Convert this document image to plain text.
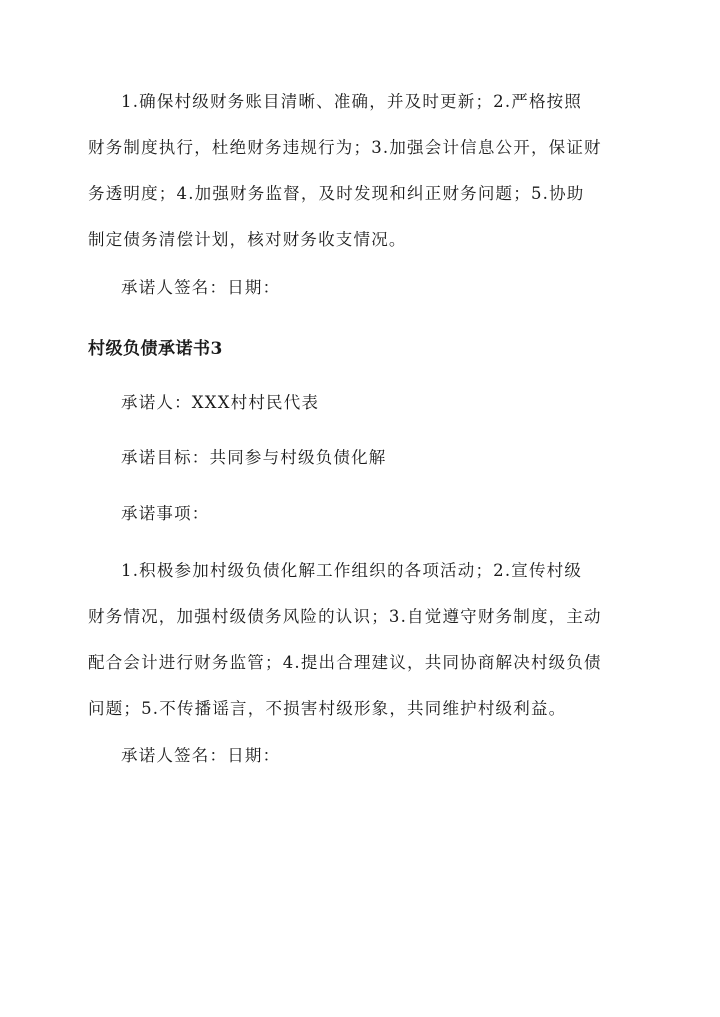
1.确保村级财务账目清晰、准确，并及时更新；2.严格按照
财务制度执行，杜绝财务违规行为；3.加强会计信息公开，保证财
务透明度；4.加强财务监督，及时发现和纠正财务问题；5.协助
制定债务清偿计划，核对财务收支情况。
承诺人签名：日期：
村级负债承诺书3
承诺人：XXX村村民代表
承诺目标：共同参与村级负债化解
承诺事项：
1.积极参加村级负债化解工作组织的各项活动；2.宣传村级
财务情况，加强村级债务风险的认识；3.自觉遵守财务制度，主动
配合会计进行财务监管；4.提出合理建议，共同协商解决村级负债
问题；5.不传播谣言，不损害村级形象，共同维护村级利益。
承诺人签名：日期：
